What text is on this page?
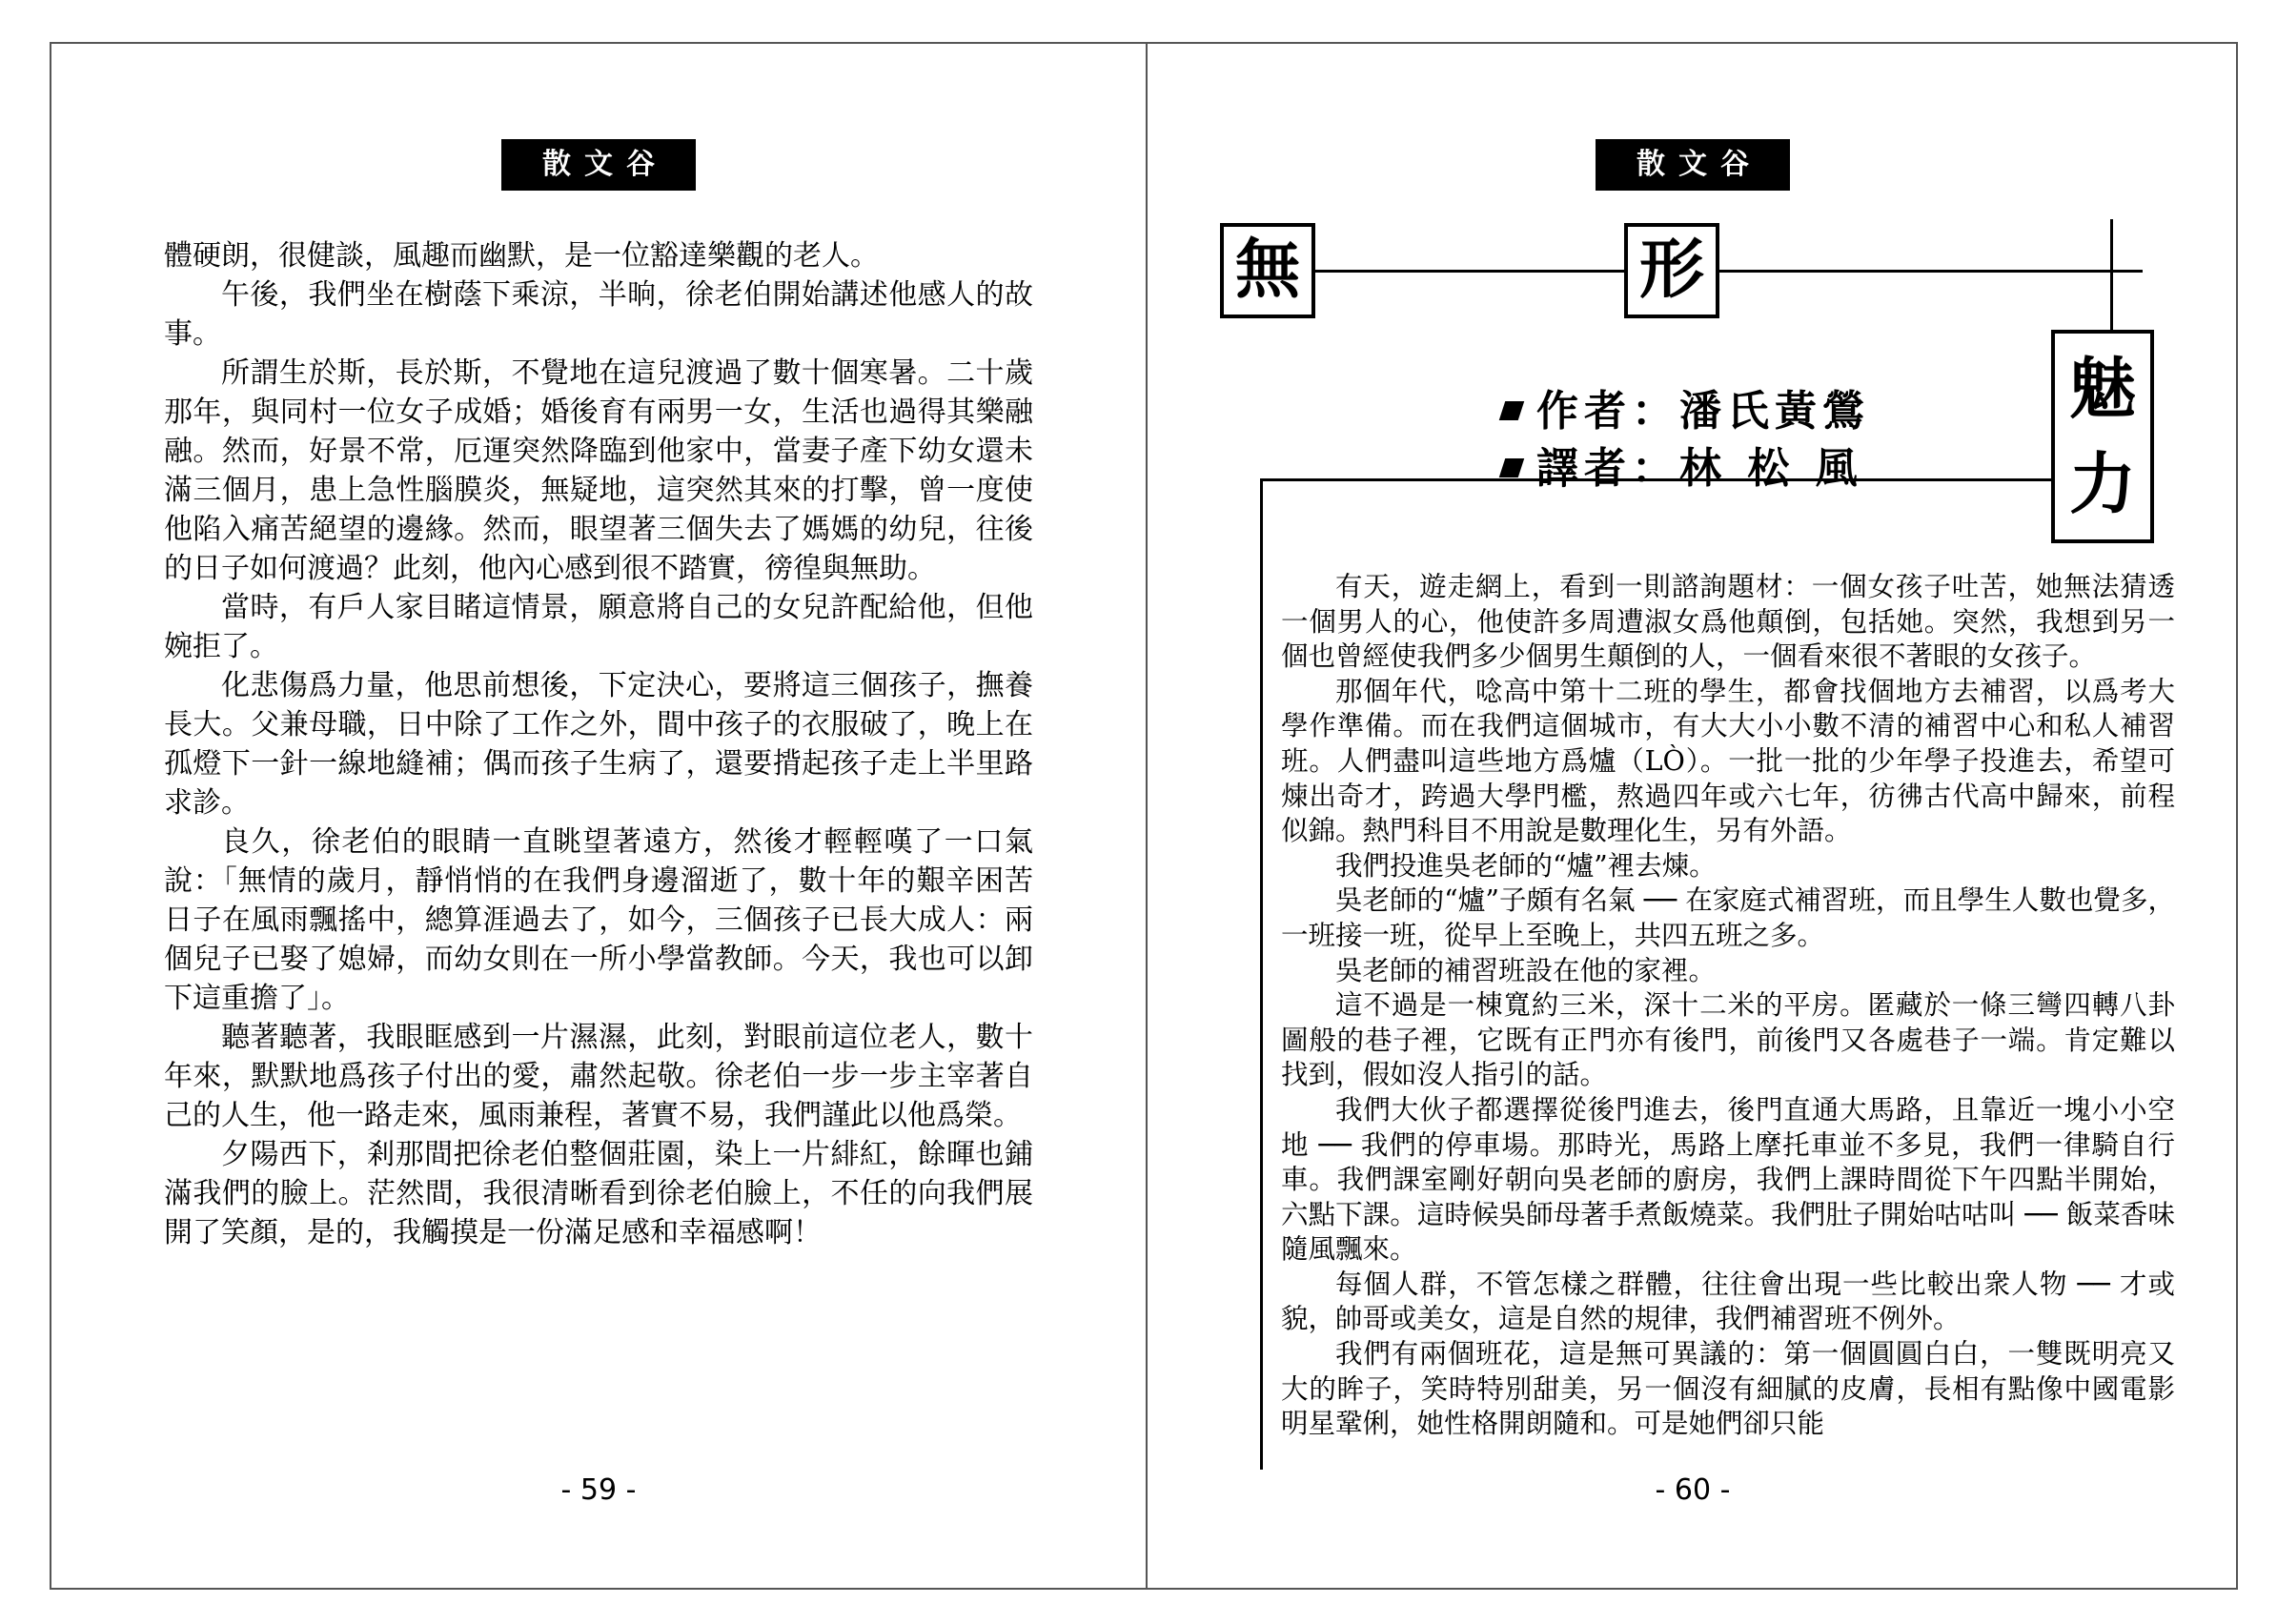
散文谷

體硬朗，很健談，風趣而幽默，是一位豁達樂觀的老人。

午後，我們坐在樹蔭下乘涼，半晌，徐老伯開始講述他感人的故事。

所謂生於斯，長於斯，不覺地在這兒渡過了數十個寒暑。二十歲那年，與同村一位女子成婚；婚後育有兩男一女，生活也過得其樂融融。然而，好景不常，厄運突然降臨到他家中，當妻子產下幼女還未滿三個月，患上急性腦膜炎，無疑地，這突然其來的打擊，曾一度使他陷入痛苦絕望的邊緣。然而，眼望著三個失去了媽媽的幼兒，往後的日子如何渡過？此刻，他內心感到很不踏實，徬徨與無助。

當時，有戶人家目睹這情景，願意將自己的女兒許配給他，但他婉拒了。

化悲傷爲力量，他思前想後，下定決心，要將這三個孩子，撫養長大。父兼母職，日中除了工作之外，間中孩子的衣服破了，晚上在孤燈下一針一線地縫補；偶而孩子生病了，還要揹起孩子走上半里路求診。

良久，徐老伯的眼睛一直眺望著遠方，然後才輕輕嘆了一口氣說：「無情的歲月，靜悄悄的在我們身邊溜逝了，數十年的艱辛困苦日子在風雨飄搖中，總算涯過去了，如今，三個孩子已長大成人：兩個兒子已娶了媳婦，而幼女則在一所小學當教師。今天，我也可以卸下這重擔了」。

聽著聽著，我眼眶感到一片濕濕，此刻，對眼前這位老人，數十年來，默默地爲孩子付出的愛，肅然起敬。徐老伯一步一步主宰著自己的人生，他一路走來，風雨兼程，著實不易，我們謹此以他爲榮。

夕陽西下，剎那間把徐老伯整個莊園，染上一片緋紅，餘暉也鋪滿我們的臉上。茫然間，我很清晰看到徐老伯臉上，不任的向我們展開了笑顏，是的，我觸摸是一份滿足感和幸福感啊！

- 59 -
散文谷
無	形
魅
力
作者：潘氏黃鶯
譯者：林 松 風

有天，遊走網上，看到一則諮詢題材：一個女孩子吐苦，她無法猜透一個男人的心，他使許多周遭淑女爲他顛倒，包括她。突然，我想到另一個也曾經使我們多少個男生顛倒的人，一個看來很不著眼的女孩子。

那個年代，唸高中第十二班的學生，都會找個地方去補習，以爲考大學作準備。而在我們這個城市，有大大小小數不清的補習中心和私人補習班。人們盡叫這些地方爲爐（LÒ）。一批一批的少年學子投進去，希望可煉出奇才，跨過大學門檻，熬過四年或六七年，彷彿古代高中歸來，前程似錦。熱門科目不用說是數理化生，另有外語。

我們投進吳老師的“爐”裡去煉。

吳老師的“爐”子頗有名氣 ── 在家庭式補習班，而且學生人數也覺多，一班接一班，從早上至晚上，共四五班之多。

吳老師的補習班設在他的家裡。

這不過是一棟寬約三米，深十二米的平房。匿藏於一條三彎四轉八卦圖般的巷子裡，它既有正門亦有後門，前後門又各處巷子一端。肯定難以找到，假如沒人指引的話。

我們大伙子都選擇從後門進去，後門直通大馬路，且靠近一塊小小空地 ── 我們的停車場。那時光，馬路上摩托車並不多見，我們一律騎自行車。我們課室剛好朝向吳老師的廚房，我們上課時間從下午四點半開始，六點下課。這時候吳師母著手煮飯燒菜。我們肚子開始咕咕叫 ── 飯菜香味隨風飄來。

每個人群，不管怎樣之群體，往往會出現一些比較出衆人物 ── 才或貌，帥哥或美女，這是自然的規律，我們補習班不例外。

我們有兩個班花，這是無可異議的：第一個圓圓白白，一雙既明亮又大的眸子，笑時特別甜美，另一個沒有細膩的皮膚，長相有點像中國電影明星鞏俐，她性格開朗隨和。可是她們卻只能

- 60 -
